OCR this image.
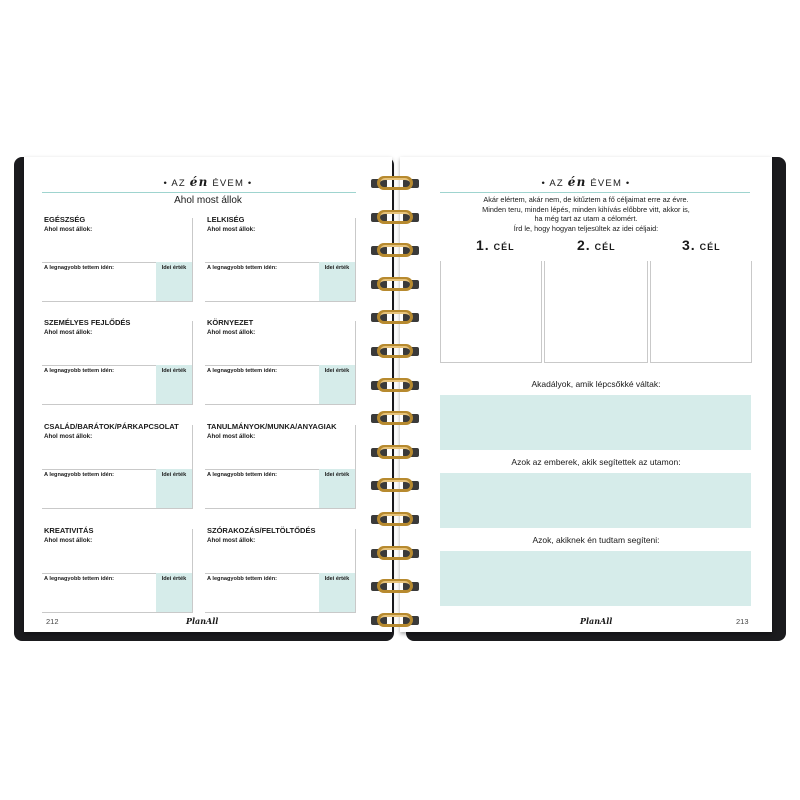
• AZ én ÉVEM •
Ahol most állok
EGÉSZSÉG
Ahol most állok:
A legnagyobb tettem idén:	Idei érték
LELKISÉG
Ahol most állok:
A legnagyobb tettem idén:	Idei érték
SZEMÉLYES FEJLŐDÉS
Ahol most állok:
A legnagyobb tettem idén:	Idei érték
KÖRNYEZET
Ahol most állok:
A legnagyobb tettem idén:	Idei érték
CSALÁD/BARÁTOK/PÁRKAPCSOLAT
Ahol most állok:
A legnagyobb tettem idén:	Idei érték
TANULMÁNYOK/MUNKA/ANYAGIAK
Ahol most állok:
A legnagyobb tettem idén:	Idei érték
KREATIVITÁS
Ahol most állok:
A legnagyobb tettem idén:	Idei érték
SZÓRAKOZÁS/FELTÖLTŐDÉS
Ahol most állok:
A legnagyobb tettem idén:	Idei érték
212	PlanAll
• AZ én ÉVEM •
Akár elértem, akár nem, de kitűztem a fő céljaimat erre az évre.
Minden teru, minden lépés, minden kihívás előbbre vitt, akkor is,
ha még tart az utam a célomért.
Írd le, hogy hogyan teljesültek az idei céljaid:
1. CÉL	2. CÉL	3. CÉL
Akadályok, amik lépcsőkké váltak:
Azok az emberek, akik segítettek az utamon:
Azok, akiknek én tudtam segíteni:
PlanAll	213
